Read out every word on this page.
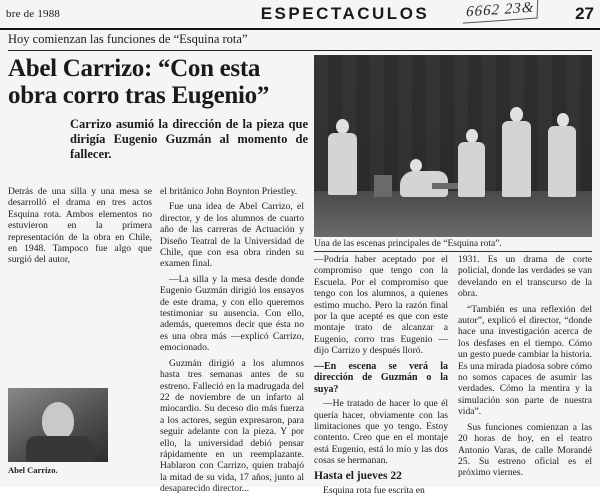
bre de 1988	ESPECTACULOS	27
6662 23&
Hoy comienzan las funciones de “Esquina rota”
Abel Carrizo: “Con esta obra corro tras Eugenio”
Carrizo asumió la dirección de la pieza que dirigía Eugenio Guzmán al momento de fallecer.
Una de las escenas principales de “Esquina rota”.

Detrás de una silla y una mesa se desarrolló el drama en tres actos Esquina rota. Ambos elementos no estuvieron en la primera representación de la obra en Chile, en 1948. Tampoco fue algo que surgió del autor,

el británico John Boynton Priestley.

Fue una idea de Abel Carrizo, el director, y de los alumnos de cuarto año de las carreras de Actuación y Diseño Teatral de la Universidad de Chile, que con esa obra rinden su examen final.

—La silla y la mesa desde donde Eugenio Guzmán dirigió los ensayos de este drama, y con ello queremos testimoniar su ausencia. Con ello, además, queremos decir que ésta no es una obra más —explicó Carrizo, emocionado.

Guzmán dirigió a los alumnos hasta tres semanas antes de su estreno. Falleció en la madrugada del 22 de noviembre de un infarto al miocardio. Su deceso dio más fuerza a los actores, según expresaron, para seguir adelante con la pieza. Y por ello, la universidad debió pensar rápidamente en un reemplazante. Hablaron con Carrizo, quien trabajó la mitad de su vida, 17 años, junto al desaparecido director...

—Podría haber aceptado por el compromiso que tengo con la Escuela. Por el compromiso que tengo con los alumnos, a quienes estimo mucho. Pero la razón final por la que acepté es que con este montaje trato de alcanzar a Eugenio, corro tras Eugenio —dijo Carrizo y después lloró.

—En escena se verá la dirección de Guzmán o la suya?

—He tratado de hacer lo que él quería hacer, obviamente con las limitaciones que yo tengo. Estoy contento. Creo que en el montaje está Eugenio, está lo mío y las dos cosas se hermanan.

Hasta el jueves 22

Esquina rota fue escrita en

1931. Es un drama de corte policial, donde las verdades se van develando en el transcurso de la obra.

“También es una reflexión del autor”, explicó el director, “donde hace una investigación acerca de los desfases en el tiempo. Cómo un gesto puede cambiar la historia. Es una mirada piadosa sobre cómo no somos capaces de asumir las verdades. Cómo la mentira y la simulación son parte de nuestra vida”.

Sus funciones comienzan a las 20 horas de hoy, en el teatro Antonio Varas, de calle Morandé 25. Su estreno oficial es el próximo viernes.

Abel Carrizo.
